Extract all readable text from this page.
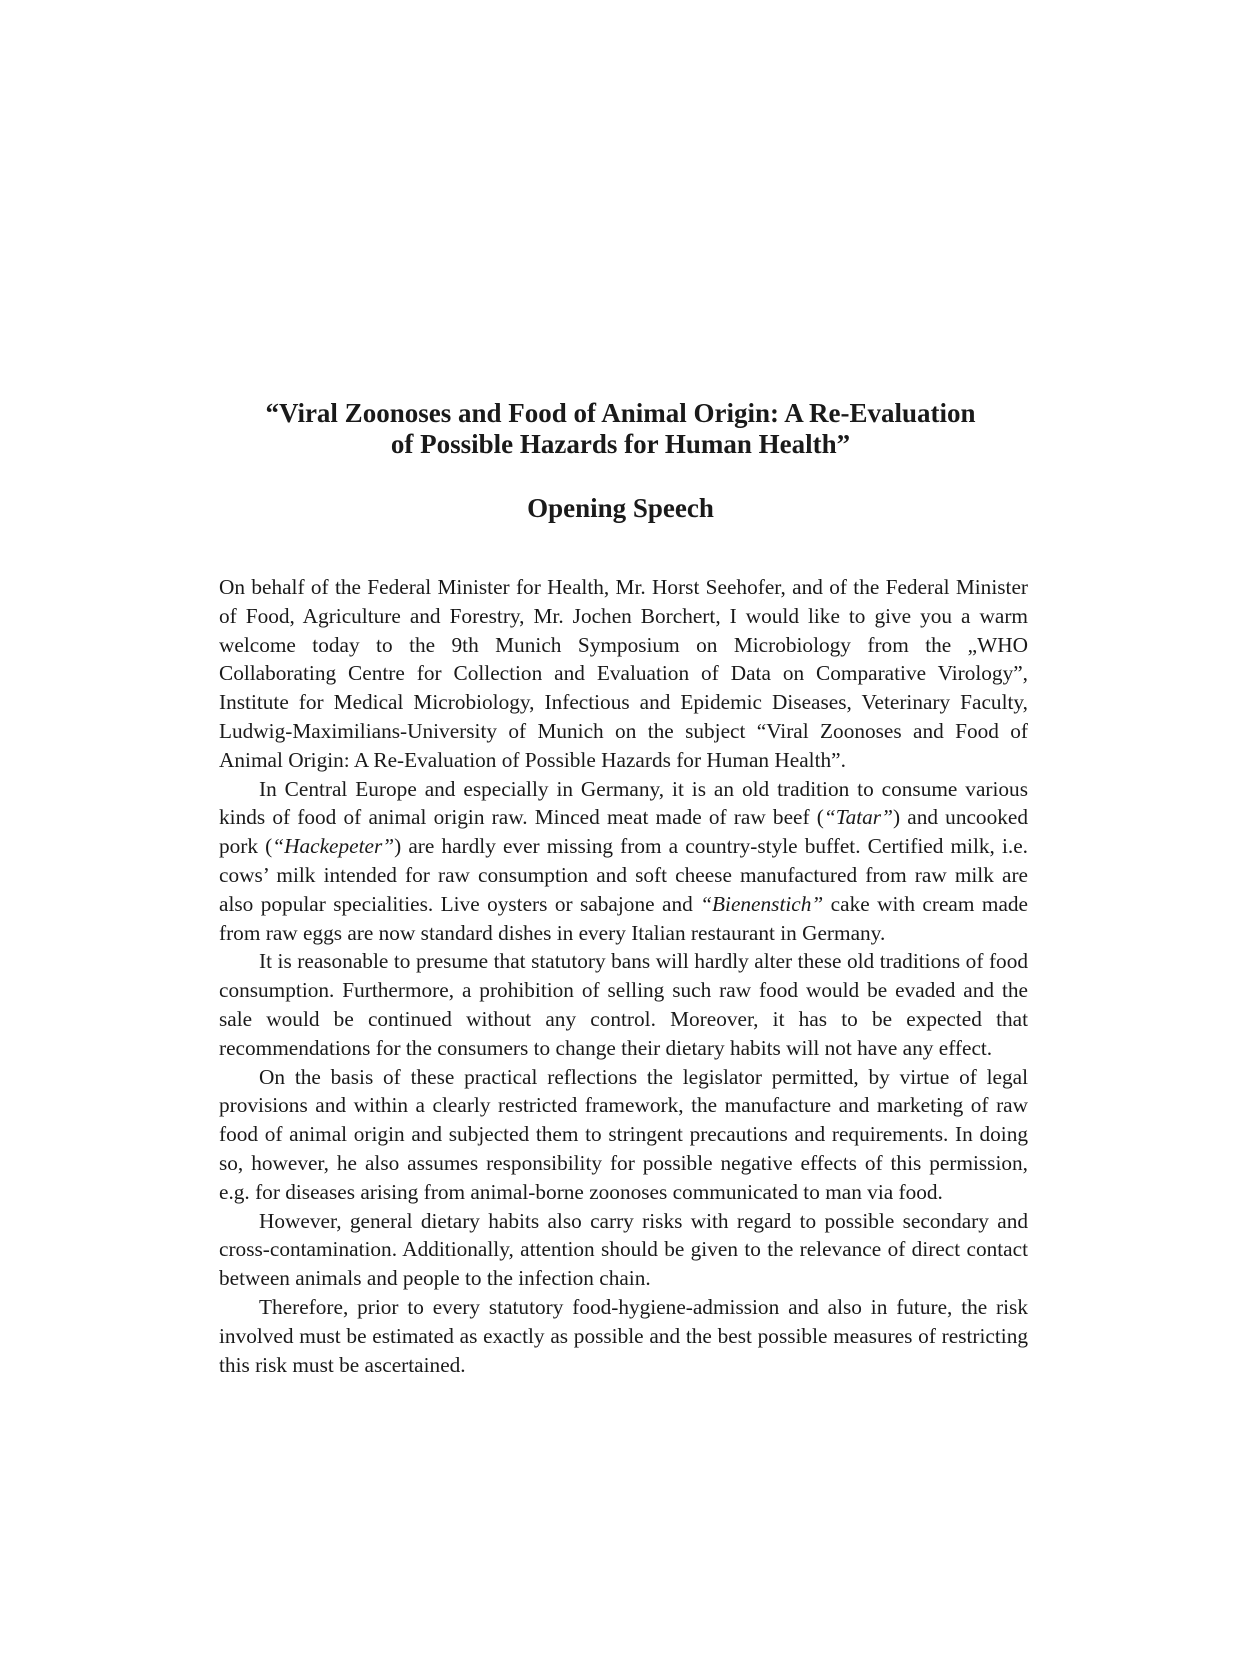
“Viral Zoonoses and Food of Animal Origin: A Re-Evaluation

of Possible Hazards for Human Health”

Opening Speech

On behalf of the Federal Minister for Health, Mr. Horst Seehofer, and of the Federal Minister of Food, Agriculture and Forestry, Mr. Jochen Borchert, I would like to give you a warm welcome today to the 9th Munich Symposium on Microbiology from the „WHO Collaborating Centre for Collection and Evaluation of Data on Comparative Virology”, Institute for Medical Microbiology, Infectious and Epidemic Diseases, Veterinary Faculty, Ludwig-Maximilians-University of Munich on the subject “Viral Zoonoses and Food of Animal Origin: A Re-Evaluation of Possible Hazards for Human Health”.

In Central Europe and especially in Germany, it is an old tradition to consume various kinds of food of animal origin raw. Minced meat made of raw beef (“Tatar”) and uncooked pork (“Hackepeter”) are hardly ever missing from a country-style buffet. Certified milk, i.e. cows’ milk intended for raw consumption and soft cheese manufactured from raw milk are also popular specialities. Live oysters or sabajone and “Bienenstich” cake with cream made from raw eggs are now standard dishes in every Italian restaurant in Germany.

It is reasonable to presume that statutory bans will hardly alter these old traditions of food consumption. Furthermore, a prohibition of selling such raw food would be evaded and the sale would be continued without any control. Moreover, it has to be expected that recommendations for the consumers to change their dietary habits will not have any effect.

On the basis of these practical reflections the legislator permitted, by virtue of legal provisions and within a clearly restricted framework, the manufacture and marketing of raw food of animal origin and subjected them to stringent precautions and requirements. In doing so, however, he also assumes responsibility for possible negative effects of this permission, e.g. for diseases arising from animal-borne zoonoses communicated to man via food.

However, general dietary habits also carry risks with regard to possible secondary and cross-contamination. Additionally, attention should be given to the relevance of direct contact between animals and people to the infection chain.

Therefore, prior to every statutory food-hygiene-admission and also in future, the risk involved must be estimated as exactly as possible and the best possible measures of restricting this risk must be ascertained.
